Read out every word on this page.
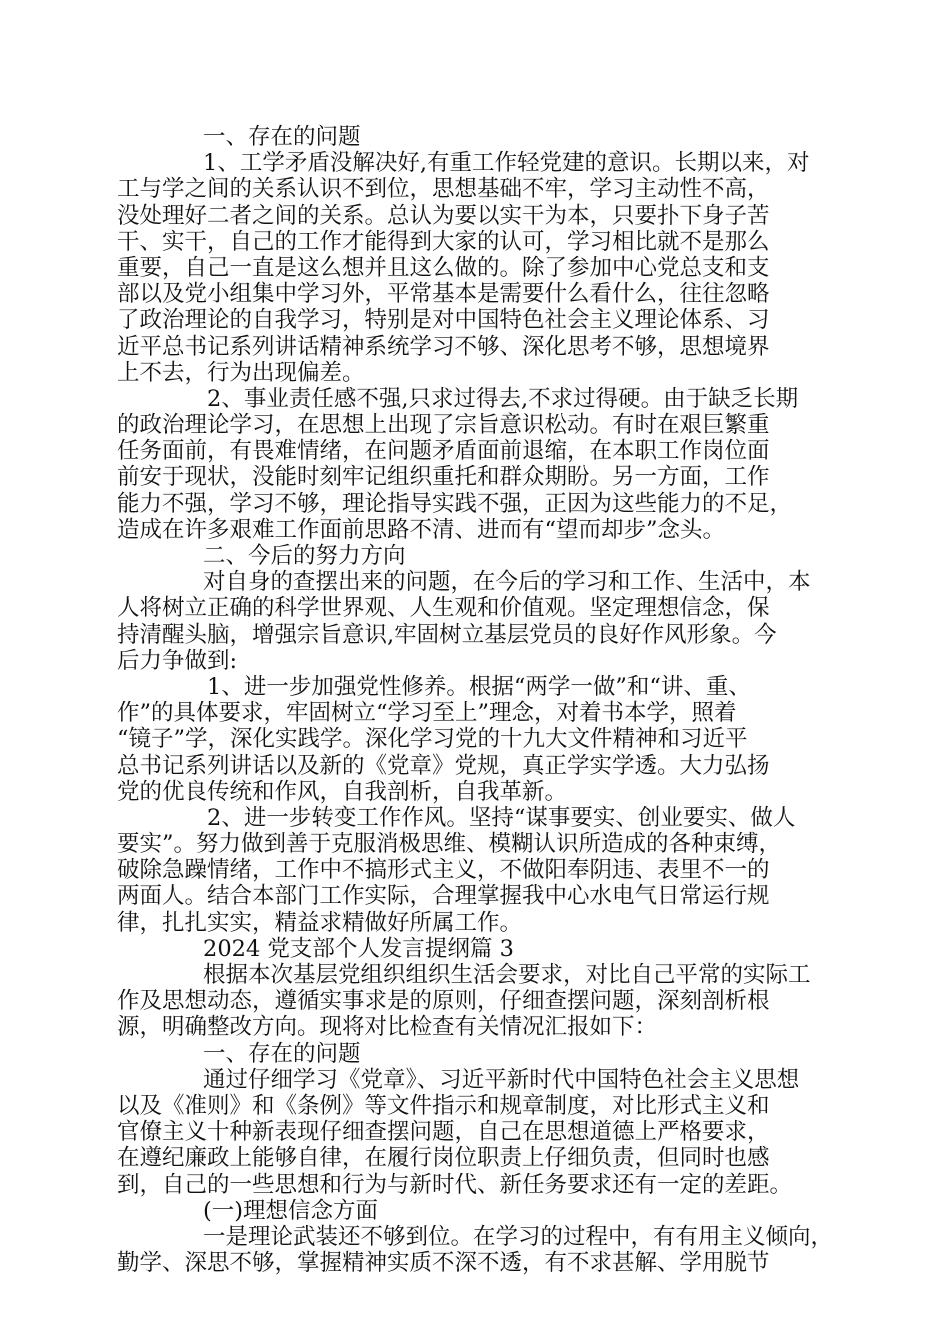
一、存在的问题
1、工学矛盾没解决好,有重工作轻党建的意识。长期以来，对
工与学之间的关系认识不到位，思想基础不牢，学习主动性不高，
没处理好二者之间的关系。总认为要以实干为本，只要扑下身子苦
干、实干，自己的工作才能得到大家的认可，学习相比就不是那么
重要，自己一直是这么想并且这么做的。除了参加中心党总支和支
部以及党小组集中学习外，平常基本是需要什么看什么，往往忽略
了政治理论的自我学习，特别是对中国特色社会主义理论体系、习
近平总书记系列讲话精神系统学习不够、深化思考不够，思想境界
上不去，行为出现偏差。
2、事业责任感不强,只求过得去,不求过得硬。由于缺乏长期
的政治理论学习，在思想上出现了宗旨意识松动。有时在艰巨繁重
任务面前，有畏难情绪，在问题矛盾面前退缩，在本职工作岗位面
前安于现状，没能时刻牢记组织重托和群众期盼。另一方面，工作
能力不强，学习不够，理论指导实践不强，正因为这些能力的不足，
造成在许多艰难工作面前思路不清、进而有“望而却步”念头。
二、今后的努力方向
对自身的查摆出来的问题，在今后的学习和工作、生活中，本
人将树立正确的科学世界观、人生观和价值观。坚定理想信念，保
持清醒头脑，增强宗旨意识,牢固树立基层党员的良好作风形象。今
后力争做到:
1、进一步加强党性修养。根据“两学一做”和“讲、重、
作”的具体要求，牢固树立“学习至上”理念，对着书本学，照着
“镜子”学，深化实践学。深化学习党的十九大文件精神和习近平
总书记系列讲话以及新的《党章》党规，真正学实学透。大力弘扬
党的优良传统和作风，自我剖析，自我革新。
2、进一步转变工作作风。坚持“谋事要实、创业要实、做人
要实”。努力做到善于克服消极思维、模糊认识所造成的各种束缚，
破除急躁情绪，工作中不搞形式主义，不做阳奉阴违、表里不一的
两面人。结合本部门工作实际，合理掌握我中心水电气日常运行规
律，扎扎实实，精益求精做好所属工作。
2024 党支部个人发言提纲篇 3
根据本次基层党组织组织生活会要求，对比自己平常的实际工
作及思想动态，遵循实事求是的原则，仔细查摆问题，深刻剖析根
源，明确整改方向。现将对比检查有关情况汇报如下：
一、存在的问题
通过仔细学习《党章》、习近平新时代中国特色社会主义思想
以及《准则》和《条例》等文件指示和规章制度，对比形式主义和
官僚主义十种新表现仔细查摆问题，自己在思想道德上严格要求，
在遵纪廉政上能够自律，在履行岗位职责上仔细负责，但同时也感
到，自己的一些思想和行为与新时代、新任务要求还有一定的差距。
(一)理想信念方面
一是理论武装还不够到位。在学习的过程中，有有用主义倾向，
勤学、深思不够，掌握精神实质不深不透，有不求甚解、学用脱节
